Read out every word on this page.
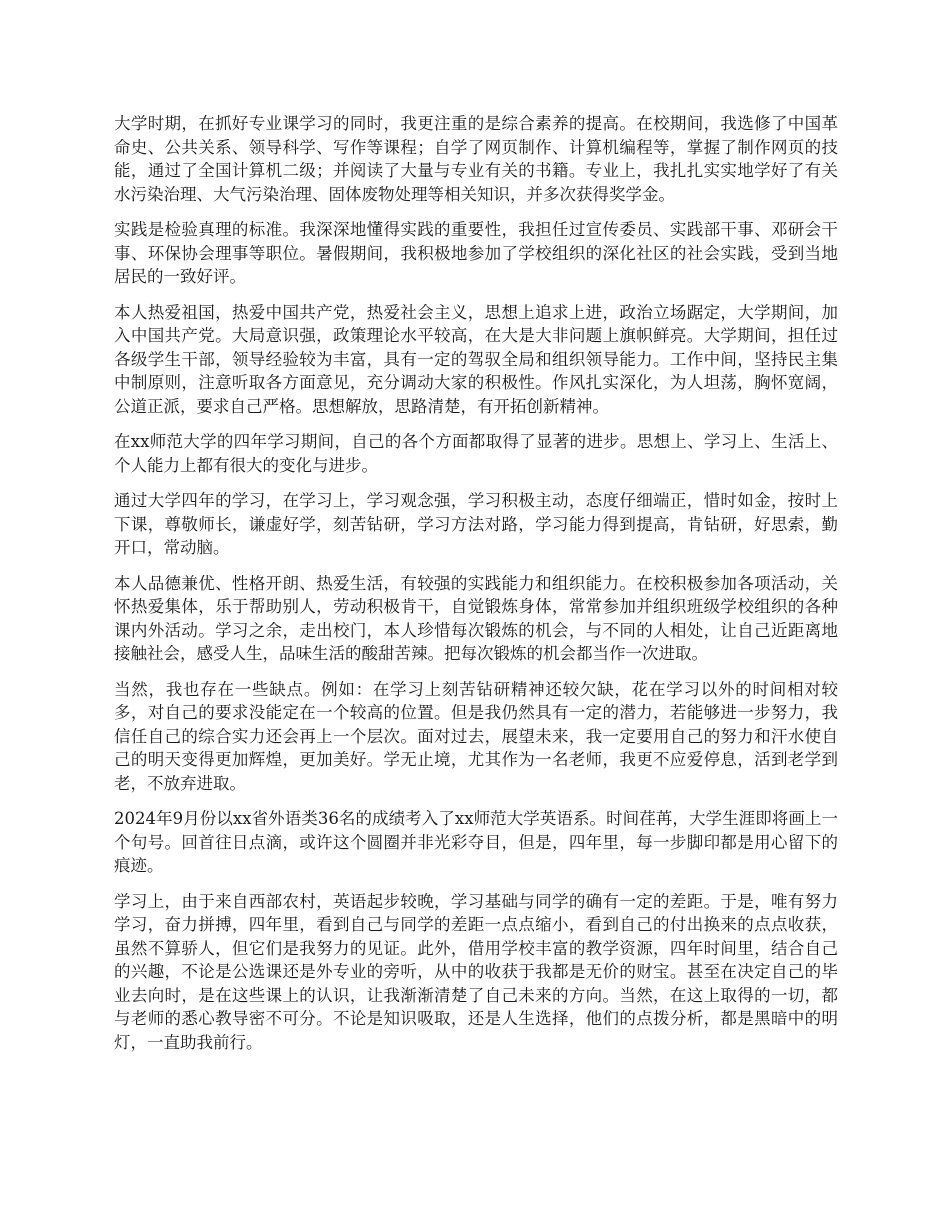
大学时期，在抓好专业课学习的同时，我更注重的是综合素养的提高。在校期间，我选修了中国革命史、公共关系、领导科学、写作等课程；自学了网页制作、计算机编程等，掌握了制作网页的技能，通过了全国计算机二级；并阅读了大量与专业有关的书籍。专业上，我扎扎实实地学好了有关水污染治理、大气污染治理、固体废物处理等相关知识，并多次获得奖学金。

实践是检验真理的标准。我深深地懂得实践的重要性，我担任过宣传委员、实践部干事、邓研会干事、环保协会理事等职位。暑假期间，我积极地参加了学校组织的深化社区的社会实践，受到当地居民的一致好评。

本人热爱祖国，热爱中国共产党，热爱社会主义，思想上追求上进，政治立场踞定，大学期间，加入中国共产党。大局意识强，政策理论水平较高，在大是大非问题上旗帜鲜亮。大学期间，担任过各级学生干部，领导经验较为丰富，具有一定的驾驭全局和组织领导能力。工作中间，坚持民主集中制原则，注意听取各方面意见，充分调动大家的积极性。作风扎实深化，为人坦荡，胸怀宽阔，公道正派，要求自己严格。思想解放，思路清楚，有开拓创新精神。

在xx师范大学的四年学习期间，自己的各个方面都取得了显著的进步。思想上、学习上、生活上、个人能力上都有很大的变化与进步。

通过大学四年的学习，在学习上，学习观念强，学习积极主动，态度仔细端正，惜时如金，按时上下课，尊敬师长，谦虚好学，刻苦钻研，学习方法对路，学习能力得到提高，肯钻研，好思索，勤开口，常动脑。

本人品德兼优、性格开朗、热爱生活，有较强的实践能力和组织能力。在校积极参加各项活动，关怀热爱集体，乐于帮助别人，劳动积极肯干，自觉锻炼身体，常常参加并组织班级学校组织的各种课内外活动。学习之余，走出校门，本人珍惜每次锻炼的机会，与不同的人相处，让自己近距离地接触社会，感受人生，品味生活的酸甜苦辣。把每次锻炼的机会都当作一次进取。

当然，我也存在一些缺点。例如：在学习上刻苦钻研精神还较欠缺，花在学习以外的时间相对较多，对自己的要求没能定在一个较高的位置。但是我仍然具有一定的潜力，若能够进一步努力，我信任自己的综合实力还会再上一个层次。面对过去，展望未来，我一定要用自己的努力和汗水使自己的明天变得更加辉煌，更加美好。学无止境，尤其作为一名老师，我更不应爱停息，活到老学到老，不放弃进取。

2024年9月份以xx省外语类36名的成绩考入了xx师范大学英语系。时间荏苒，大学生涯即将画上一个句号。回首往日点滴，或许这个圆圈并非光彩夺目，但是，四年里，每一步脚印都是用心留下的痕迹。

学习上，由于来自西部农村，英语起步较晚，学习基础与同学的确有一定的差距。于是，唯有努力学习，奋力拼搏，四年里，看到自己与同学的差距一点点缩小，看到自己的付出换来的点点收获，虽然不算骄人，但它们是我努力的见证。此外，借用学校丰富的教学资源，四年时间里，结合自己的兴趣，不论是公选课还是外专业的旁听，从中的收获于我都是无价的财宝。甚至在决定自己的毕业去向时，是在这些课上的认识，让我渐渐清楚了自己未来的方向。当然，在这上取得的一切，都与老师的悉心教导密不可分。不论是知识吸取，还是人生选择，他们的点拨分析，都是黑暗中的明灯，一直助我前行。
